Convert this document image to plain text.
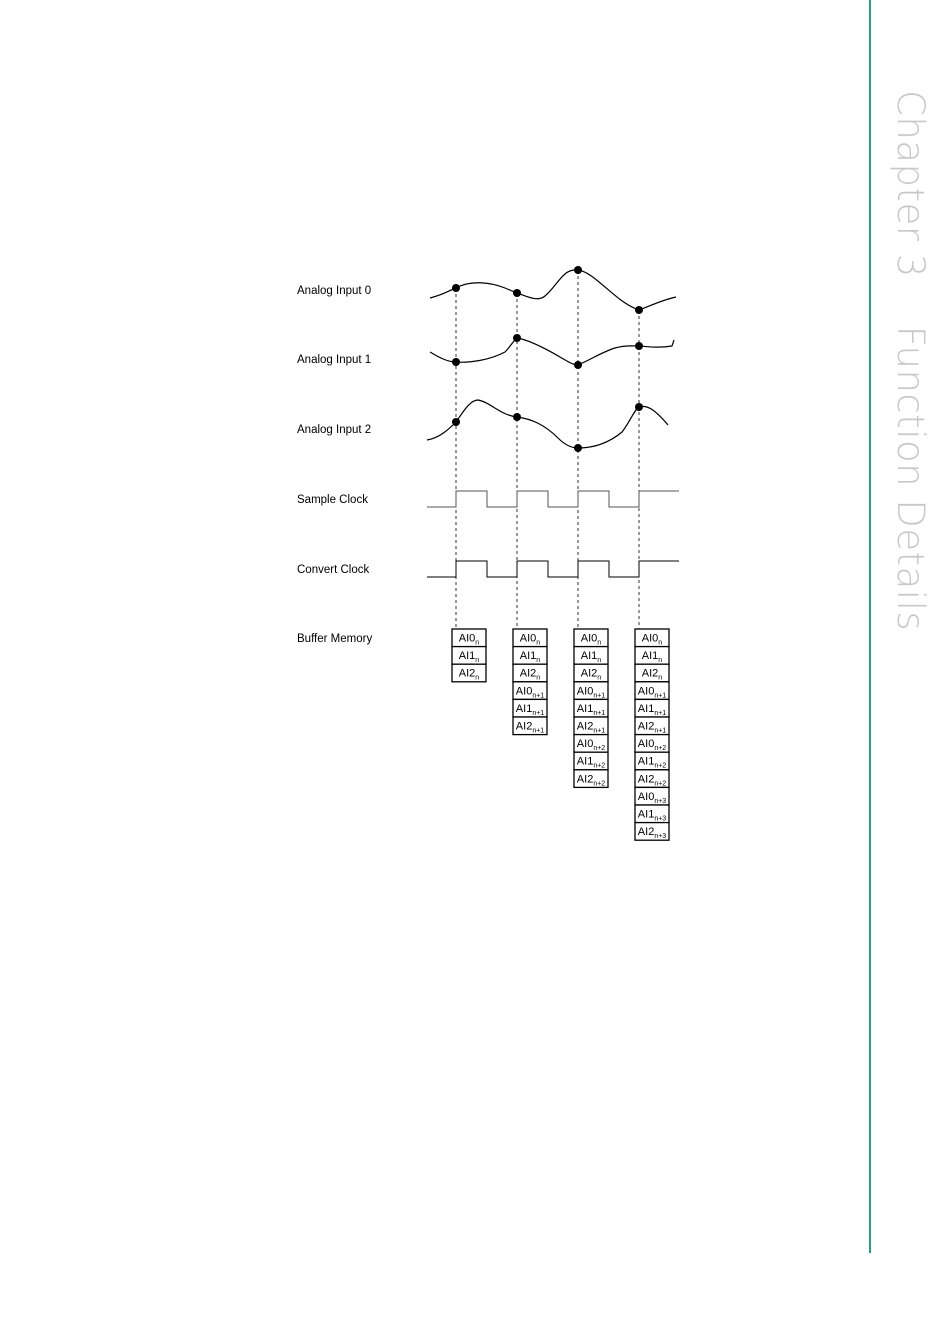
Chapter 3Function Details
Analog Input 0
Analog Input 1
Analog Input 2
Sample Clock
Convert Clock
Buffer Memory	$AI0_n$
$AI1_n$
$AI2_n$
$AI0_n$
$AI1_n$
$AI2_n$
$AI0_{n+1}$
$AI1_{n+1}$
$AI2_{n+1}$
$AI0_n$
$AI1_n$
$AI2_n$
$AI0_{n+1}$
$AI1_{n+1}$
$AI2_{n+1}$
$AI0_{n+2}$
$AI1_{n+2}$
$AI2_{n+2}$
$AI0_n$
$AI1_n$
$AI2_n$
$AI0_{n+1}$
$AI1_{n+1}$
$AI2_{n+1}$
$AI0_{n+2}$
$AI1_{n+2}$
$AI2_{n+2}$
$AI0_{n+3}$
$AI1_{n+3}$
$AI2_{n+3}$
